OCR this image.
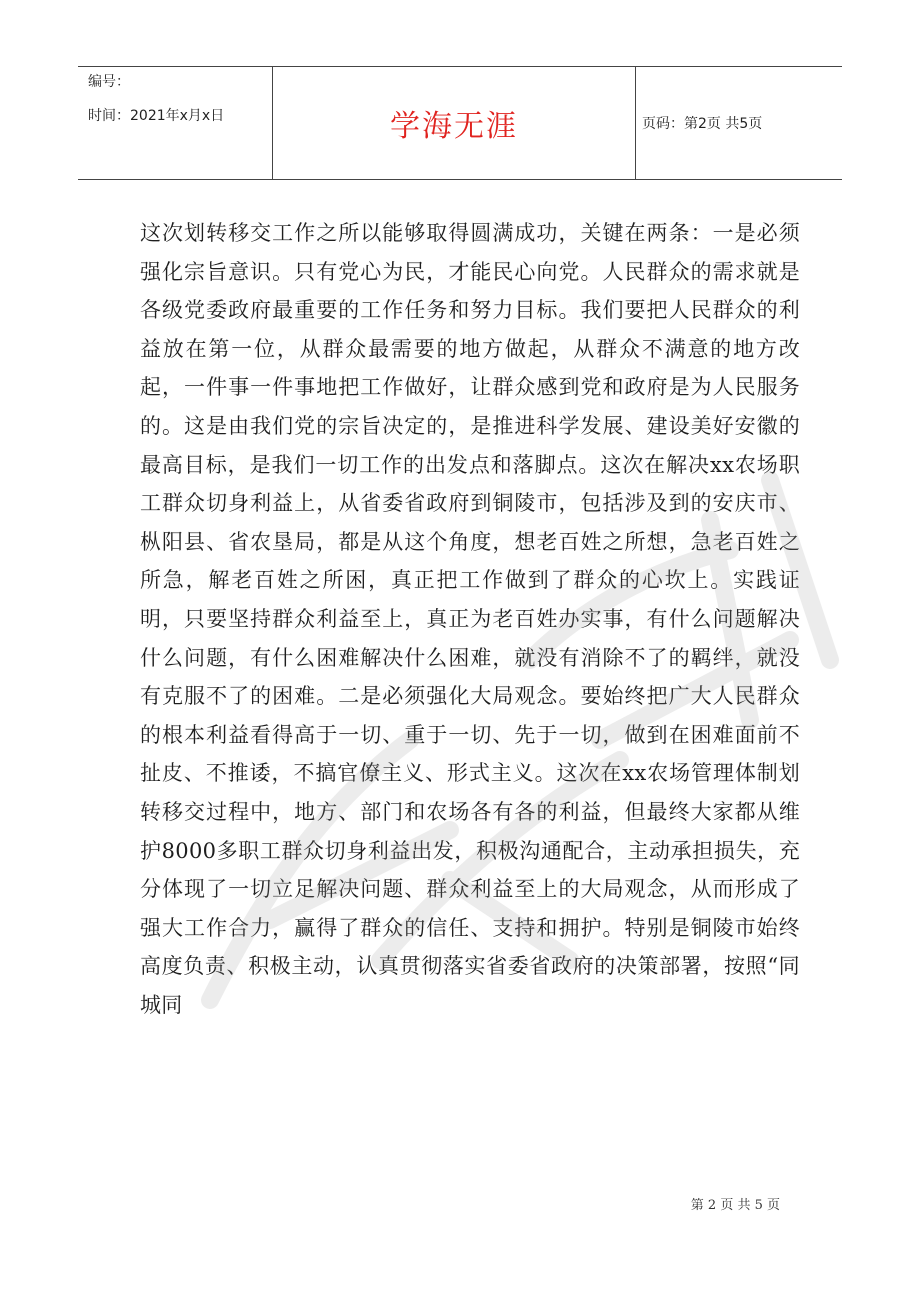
编号：
时间：2021年x月x日	学海无涯	页码：第2页 共5页

这次划转移交工作之所以能够取得圆满成功，关键在两条：一是必须强化宗旨意识。只有党心为民，才能民心向党。人民群众的需求就是各级党委政府最重要的工作任务和努力目标。我们要把人民群众的利益放在第一位，从群众最需要的地方做起，从群众不满意的地方改起，一件事一件事地把工作做好，让群众感到党和政府是为人民服务的。这是由我们党的宗旨决定的，是推进科学发展、建设美好安徽的最高目标，是我们一切工作的出发点和落脚点。这次在解决xx农场职工群众切身利益上，从省委省政府到铜陵市，包括涉及到的安庆市、枞阳县、省农垦局，都是从这个角度，想老百姓之所想，急老百姓之所急，解老百姓之所困，真正把工作做到了群众的心坎上。实践证明，只要坚持群众利益至上，真正为老百姓办实事，有什么问题解决什么问题，有什么困难解决什么困难，就没有消除不了的羁绊，就没有克服不了的困难。二是必须强化大局观念。要始终把广大人民群众的根本利益看得高于一切、重于一切、先于一切，做到在困难面前不扯皮、不推诿，不搞官僚主义、形式主义。这次在xx农场管理体制划转移交过程中，地方、部门和农场各有各的利益，但最终大家都从维护8000多职工群众切身利益出发，积极沟通配合，主动承担损失，充分体现了一切立足解决问题、群众利益至上的大局观念，从而形成了强大工作合力，赢得了群众的信任、支持和拥护。特别是铜陵市始终高度负责、积极主动，认真贯彻落实省委省政府的决策部署，按照“同城同

第 2 页 共 5 页
